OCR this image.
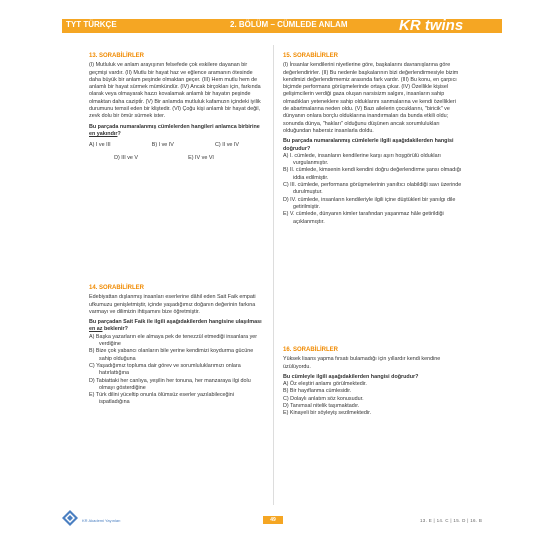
TYT TÜRKÇE	2. BÖLÜM – CÜMLEDE ANLAM	KR twins
13. SORABİLİRLER

(I) Mutluluk ve anlam arayışının felsefede çok eskilere dayanan bir geçmişi vardır. (II) Mutlu bir hayat haz ve eğlence aramanın ötesinde daha büyük bir anlam peşinde olmaktan geçer. (III) Hem mutlu hem de anlamlı bir hayat sürmek mümkündür. (IV) Ancak birçokları için, farkında olarak veya olmayarak hazzı kovalamak anlamlı bir hayatın peşinde olmaktan daha cazipti̇r. (V) Bir anlamda mutluluk kafamızın içindeki iyilik durumunu temsil eden bir kliştedir. (VI) Çoğu kişi anlamlı bir hayat değil, zevk dolu bir ömür sürmek ister.

Bu parçada numaralanmış cümlelerden hangileri anlamca birbirine en yakındır?

A) I ve III	B) I ve IV	C) II ve IV
D) III ve V	E) IV ve VI
14. SORABİLİRLER

Edebiyattan dışlanmış insanları eserlerine dâhil eden Sait Faik empati ufkumuzu genişletmiştir, içinde yaşadığımız doğanın değerinin farkına varmayı ve dilimizin ihtişamını bize öğretmiştir.

Bu parçadan Sait Faik ile ilgili aşağıdakilerden hangisine ulaşılması en az beklenir?

A) Başka yazarların ele almaya pek de tenezzül etmediği insanlara yer verdiğine

B) Bize çok yabancı olanların bile yerine kendimizi koydurma gücüne sahip olduğuna

C) Yaşadığımız topluma dair görev ve sorumluluklarımızı onlara hatırlattığına

D) Tabiattaki her canlıya, yeşilin her tonuna, her manzaraya ilgi dolu olmayı gösterdiğine

E) Türk dilini yüceltip onunla ölümsüz eserler yazılabileceğini ispatladığına

15. SORABİLİRLER

(I) İnsanlar kendilerini niyetlerine göre, başkalarını davranışlarına göre değerlendirirler. (II) Bu nedenle başkalarının bizi değerlendirmesiyle bizim kendimizi değerlendirmemiz arasında fark vardır. (III) Bu konu, en çarpıcı biçimde performans görüşmelerinde ortaya çıkar. (IV) Özellikle kişisel gelişimcilerin verdiği gaza oluşan narsisizm salgını, insanların sahip olmadıkları yeteneklere sahip olduklarını sanmalarına ve kendi özellikleri de abartmalarına neden oldu. (V) Bazı ailelerin çocuklarını, "biricik" ve dünyanın onlara borçlu olduklarına inandırmaları da bunda etkili oldu; sonunda dünya, "hakları" olduğunu düşünen ancak sorumlulukları olduğundan habersiz insanlarla doldu.

Bu parçada numaralanmış cümlelerle ilgili aşağıdakilerden hangisi doğrudur?

A) I. cümlede, insanların kendilerine karşı aşırı hoşgörülü oldukları vurgulanmıştır.

B) II. cümlede, kimsenin kendi kendini doğru değerlendirme şansı olmadığı iddia edilmiştir.

C) III. cümlede, performans görüşmelerinin yanıltıcı olabildiği savı üzerinde durulmuştur.

D) IV. cümlede, insanların kendileriyle ilgili içine düştükleri bir yanılgı dile getirilmiştir.

E) V. cümlede, dünyanın kimler tarafından yaşanmaz hâle getirildiği açıklanmıştır.

16. SORABİLİRLER

Yüksek lisans yapma fırsatı bulamadığı için yıllardır kendi kendine üzülüyordu.

Bu cümleyle ilgili aşağıdakilerden hangisi doğrudur?

A) Öz eleştiri anlamı görülmektedir.

B) Bir hayıflanma cümlesidir.

C) Dolaylı anlatım söz konusudur.

D) Tanımsal nitelik taşımaktadır.

E) Kinayeli bir söyleyiş sezilmektedir.

KR Akademi Yayınları	49	13. E | 14. C | 15. D | 16. B
